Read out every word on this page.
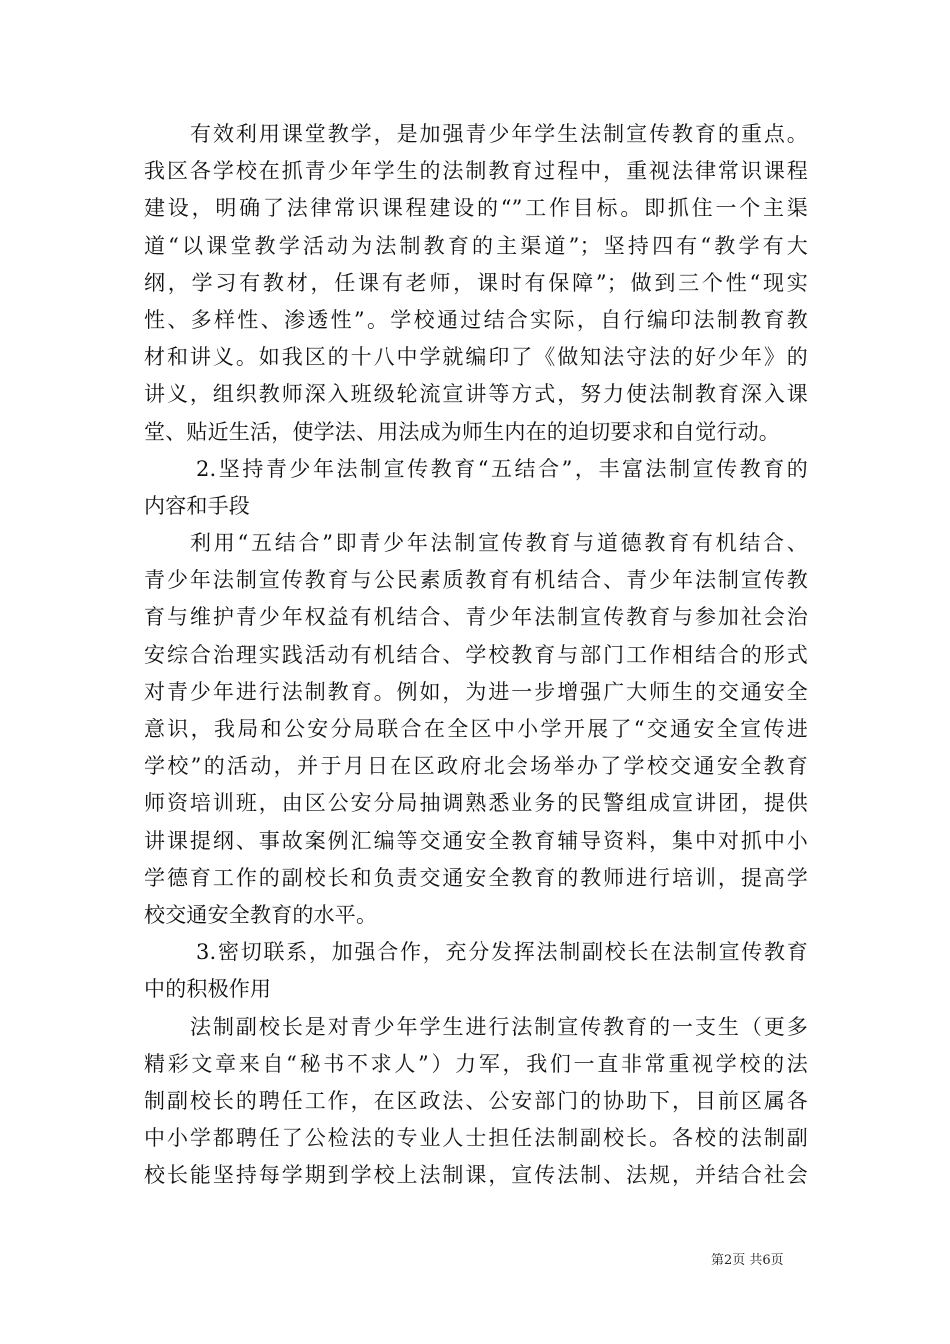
有效利用课堂教学，是加强青少年学生法制宣传教育的重点。
我区各学校在抓青少年学生的法制教育过程中，重视法律常识课程
建设，明确了法律常识课程建设的“”工作目标。即抓住一个主渠
道“以课堂教学活动为法制教育的主渠道”；坚持四有“教学有大
纲，学习有教材，任课有老师，课时有保障”；做到三个性“现实
性、多样性、渗透性”。学校通过结合实际，自行编印法制教育教
材和讲义。如我区的十八中学就编印了《做知法守法的好少年》的
讲义，组织教师深入班级轮流宣讲等方式，努力使法制教育深入课
堂、贴近生活，使学法、用法成为师生内在的迫切要求和自觉行动。
2.坚持青少年法制宣传教育“五结合”，丰富法制宣传教育的
内容和手段
利用“五结合”即青少年法制宣传教育与道德教育有机结合、
青少年法制宣传教育与公民素质教育有机结合、青少年法制宣传教
育与维护青少年权益有机结合、青少年法制宣传教育与参加社会治
安综合治理实践活动有机结合、学校教育与部门工作相结合的形式
对青少年进行法制教育。例如，为进一步增强广大师生的交通安全
意识，我局和公安分局联合在全区中小学开展了“交通安全宣传进
学校”的活动，并于月日在区政府北会场举办了学校交通安全教育
师资培训班，由区公安分局抽调熟悉业务的民警组成宣讲团，提供
讲课提纲、事故案例汇编等交通安全教育辅导资料，集中对抓中小
学德育工作的副校长和负责交通安全教育的教师进行培训，提高学
校交通安全教育的水平。
3.密切联系，加强合作，充分发挥法制副校长在法制宣传教育
中的积极作用
法制副校长是对青少年学生进行法制宣传教育的一支生（更多
精彩文章来自“秘书不求人”）力军，我们一直非常重视学校的法
制副校长的聘任工作，在区政法、公安部门的协助下，目前区属各
中小学都聘任了公检法的专业人士担任法制副校长。各校的法制副
校长能坚持每学期到学校上法制课，宣传法制、法规，并结合社会
第2页 共6页
